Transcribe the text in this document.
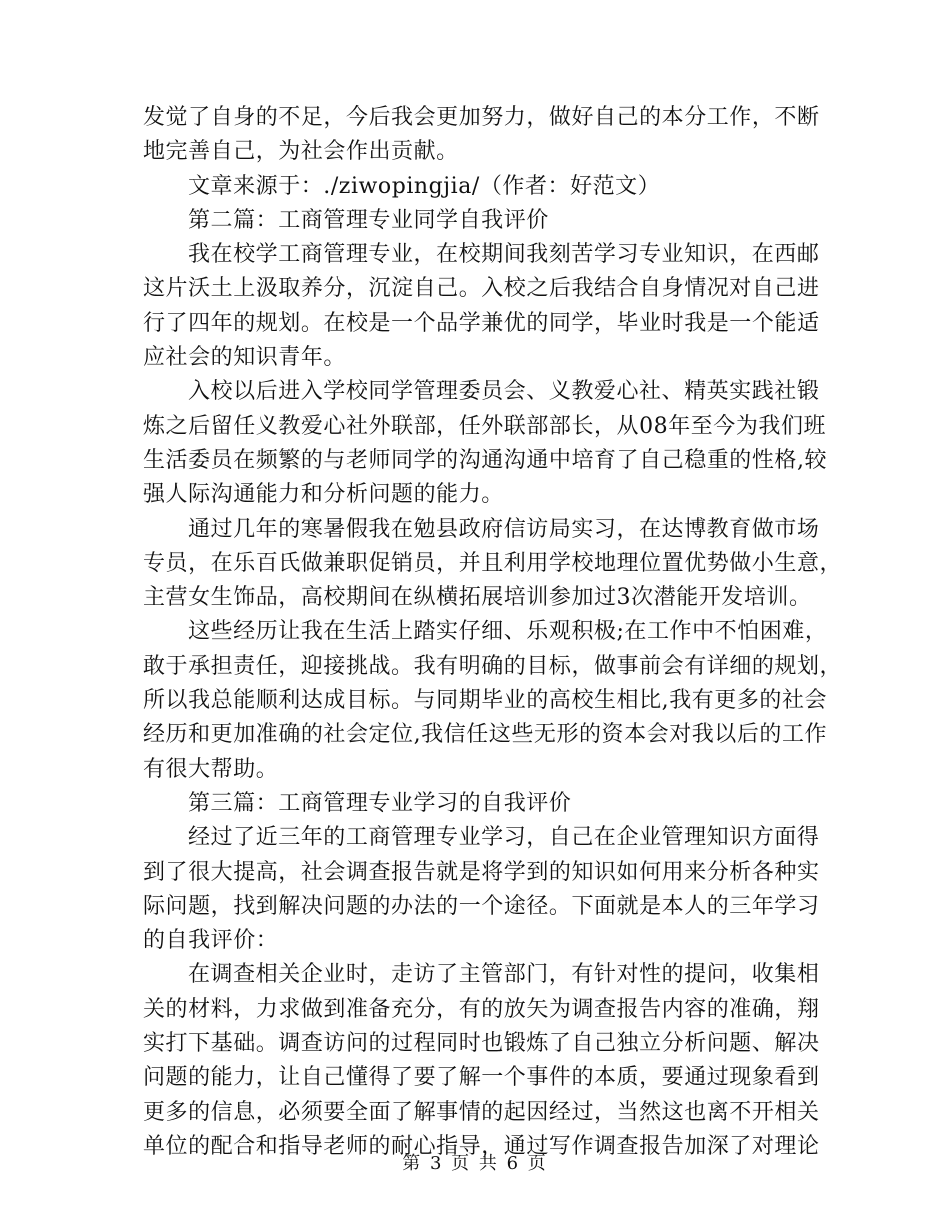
发觉了自身的不足，今后我会更加努力，做好自己的本分工作，不断
地完善自己，为社会作出贡献。
文章来源于：./ziwopingjia/（作者：好范文）
第二篇：工商管理专业同学自我评价
我在校学工商管理专业，在校期间我刻苦学习专业知识，在西邮
这片沃土上汲取养分，沉淀自己。入校之后我结合自身情况对自己进
行了四年的规划。在校是一个品学兼优的同学，毕业时我是一个能适
应社会的知识青年。
入校以后进入学校同学管理委员会、义教爱心社、精英实践社锻
炼之后留任义教爱心社外联部，任外联部部长，从08年至今为我们班
生活委员在频繁的与老师同学的沟通沟通中培育了自己稳重的性格,较
强人际沟通能力和分析问题的能力。
通过几年的寒暑假我在勉县政府信访局实习，在达博教育做市场
专员，在乐百氏做兼职促销员，并且利用学校地理位置优势做小生意，
主营女生饰品，高校期间在纵横拓展培训参加过3次潜能开发培训。
这些经历让我在生活上踏实仔细、乐观积极;在工作中不怕困难，
敢于承担责任，迎接挑战。我有明确的目标，做事前会有详细的规划，
所以我总能顺利达成目标。与同期毕业的高校生相比,我有更多的社会
经历和更加准确的社会定位,我信任这些无形的资本会对我以后的工作
有很大帮助。
第三篇：工商管理专业学习的自我评价
经过了近三年的工商管理专业学习，自己在企业管理知识方面得
到了很大提高，社会调查报告就是将学到的知识如何用来分析各种实
际问题，找到解决问题的办法的一个途径。下面就是本人的三年学习
的自我评价：
在调查相关企业时，走访了主管部门，有针对性的提问，收集相
关的材料，力求做到准备充分，有的放矢为调查报告内容的准确，翔
实打下基础。调查访问的过程同时也锻炼了自己独立分析问题、解决
问题的能力，让自己懂得了要了解一个事件的本质，要通过现象看到
更多的信息，必须要全面了解事情的起因经过，当然这也离不开相关
单位的配合和指导老师的耐心指导，通过写作调查报告加深了对理论
第 3 页 共 6 页
